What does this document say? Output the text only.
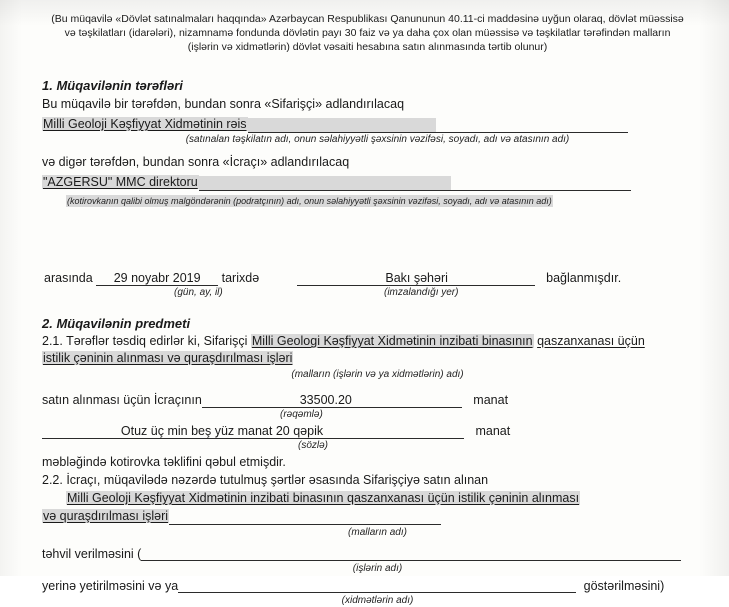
(Bu müqavilə «Dövlət satınalmaları haqqında» Azərbaycan Respublikası Qanununun 40.11-ci maddəsinə uyğun olaraq, dövlət müəssisə və təşkilatları (idarələri), nizamnamə fondunda dövlətin payı 30 faiz və ya daha çox olan müəssisə və təşkilatlar tərəfindən malların (işlərin və xidmətlərin) dövlət vəsaiti hesabına satın alınmasında tərtib olunur)
1. Müqavilənin tərəfləri
Bu müqavilə bir tərəfdən, bundan sonra «Sifarişçi» adlandırılacaq
Milli Geoloji Kəşfiyyat Xidmətinin rəis
(satınalan təşkilatın adı, onun səlahiyyətli şəxsinin vəzifəsi, soyadı, adı və atasının adı)
və digər tərəfdən, bundan sonra «İcraçı» adlandırılacaq
"AZGERSU" MMC direktoru
(kotirovkanın qalibi olmuş malgöndərənin (podratçının) adı, onun səlahiyyətli şəxsinin vəzifəsi, soyadı, adı və atasının adı)
arasında 29 noyabr 2019 tarixdə	Bakı şəhəri	bağlanmışdır.
(gün, ay, il)	(imzalandığı yer)
2. Müqavilənin predmeti
2.1. Tərəflər təsdiq edirlər ki, Sifarişçi Milli Geologi Kəşfiyyat Xidmətinin inzibati binasının qaszanxanası üçün
istilik çəninin alınması və quraşdırılması işləri
(malların (işlərin və ya xidmətlərin) adı)
satın alınması üçün İcraçının	33500.20	manat
(rəqəmlə)
Otuz üç min beş yüz manat 20 qəpik	manat
(sözlə)
məbləğində kotirovka təklifini qəbul etmişdir.
2.2. İcraçı, müqavilədə nəzərdə tutulmuş şərtlər əsasında Sifarişçiyə satın alınan
Milli Geoloji Kəşfiyyat Xidmətinin inzibati binasının qaszanxanası üçün istilik çəninin alınması
və quraşdırılması işləri
(malların adı)
təhvil verilməsini (
(işlərin adı)
yerinə yetirilməsini və ya	göstərilməsini)
(xidmətlərin adı)
